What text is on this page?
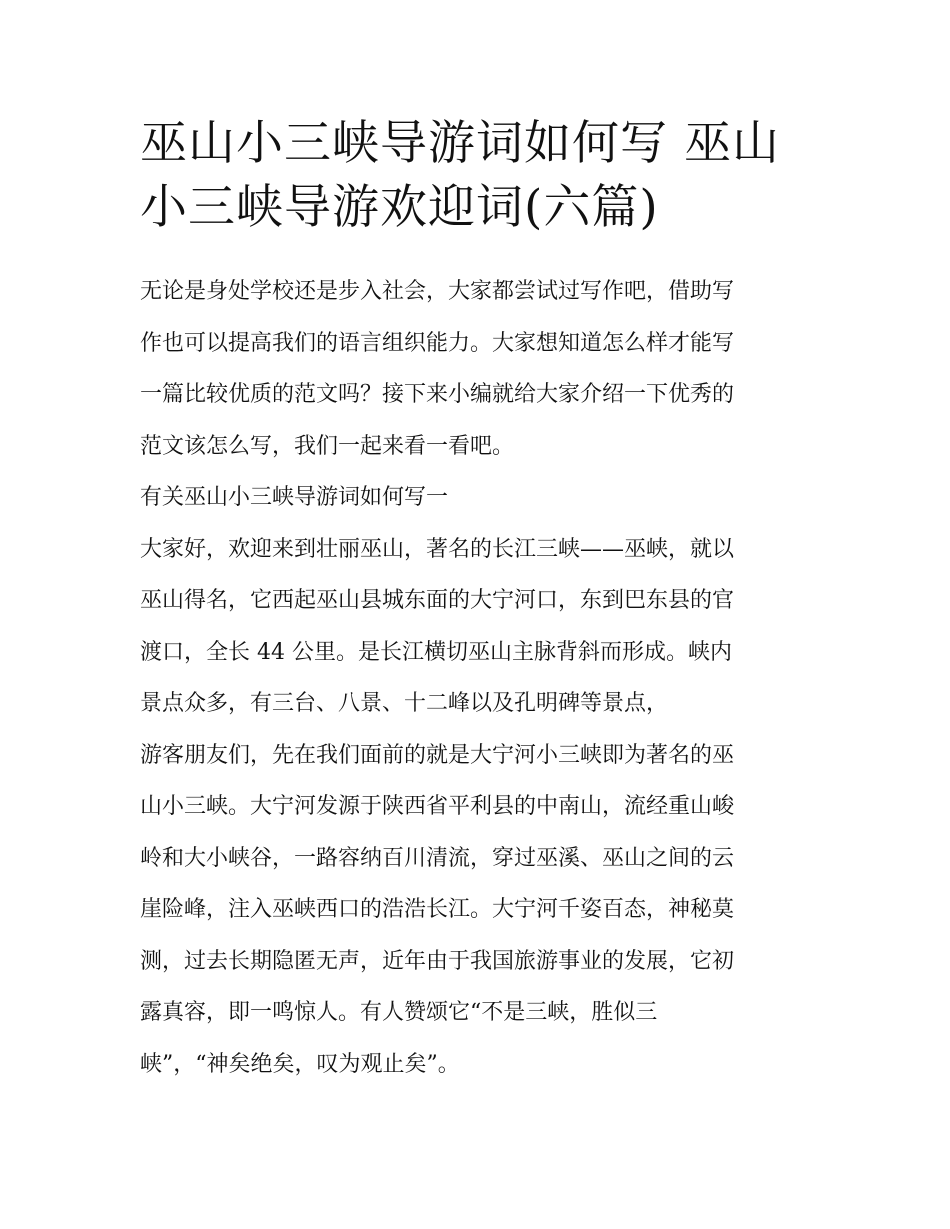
巫山小三峡导游词如何写 巫山
小三峡导游欢迎词(六篇)
无论是身处学校还是步入社会，大家都尝试过写作吧，借助写
作也可以提高我们的语言组织能力。大家想知道怎么样才能写
一篇比较优质的范文吗？接下来小编就给大家介绍一下优秀的
范文该怎么写，我们一起来看一看吧。
有关巫山小三峡导游词如何写一
大家好，欢迎来到壮丽巫山，著名的长江三峡——巫峡，就以
巫山得名，它西起巫山县城东面的大宁河口，东到巴东县的官
渡口，全长 44 公里。是长江横切巫山主脉背斜而形成。峡内
景点众多，有三台、八景、十二峰以及孔明碑等景点，
游客朋友们，先在我们面前的就是大宁河小三峡即为著名的巫
山小三峡。大宁河发源于陕西省平利县的中南山，流经重山峻
岭和大小峡谷，一路容纳百川清流，穿过巫溪、巫山之间的云
崖险峰，注入巫峡西口的浩浩长江。大宁河千姿百态，神秘莫
测，过去长期隐匿无声，近年由于我国旅游事业的发展，它初
露真容，即一鸣惊人。有人赞颂它“不是三峡，胜似三
峡”，“神矣绝矣，叹为观止矣”。
